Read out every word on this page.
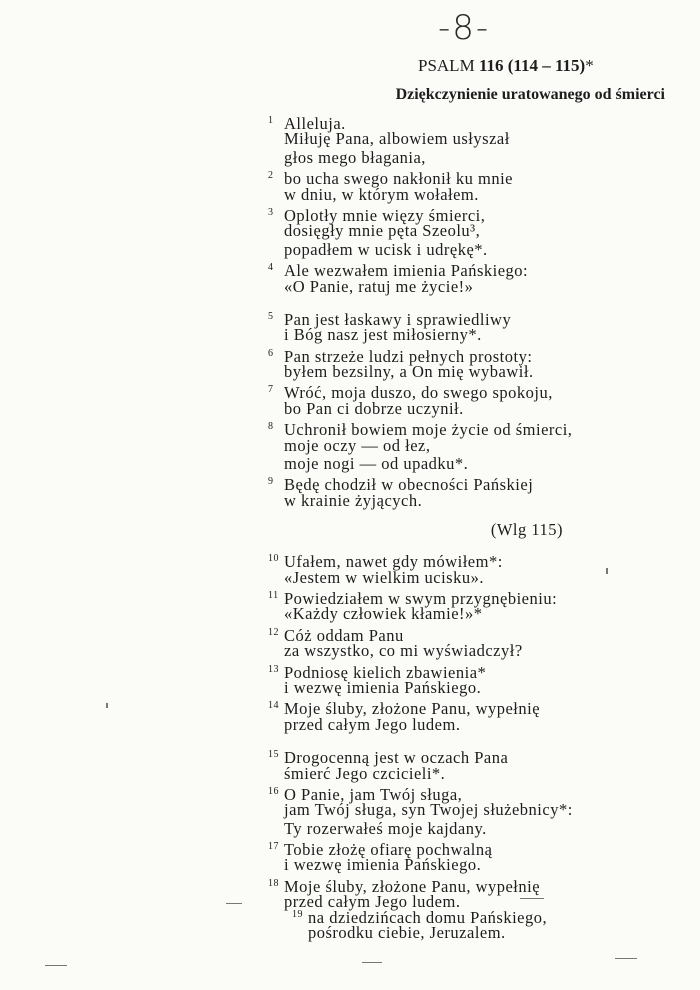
-8-
PSALM 116 (114 – 115)*
Dziękczynienie uratowanego od śmierci
1 Alleluja.
Miłuję Pana, albowiem usłyszał
głos mego błagania,
2 bo ucha swego nakłonił ku mnie
w dniu, w którym wołałem.
3 Oplotły mnie więzy śmierci,
dosięgły mnie pęta Szeolu³,
popadłem w ucisk i udrękę*.
4 Ale wezwałem imienia Pańskiego:
«O Panie, ratuj me życie!»
5 Pan jest łaskawy i sprawiedliwy
i Bóg nasz jest miłosierny*.
6 Pan strzeże ludzi pełnych prostoty:
byłem bezsilny, a On mię wybawił.
7 Wróć, moja duszo, do swego spokoju,
bo Pan ci dobrze uczynił.
8 Uchronił bowiem moje życie od śmierci,
moje oczy — od łez,
moje nogi — od upadku*.
9 Będę chodził w obecności Pańskiej
w krainie żyjących.
(Wlg 115)
10 Ufałem, nawet gdy mówiłem*:
«Jestem w wielkim ucisku».
11 Powiedziałem w swym przygnębieniu:
«Każdy człowiek kłamie!»*
12 Cóż oddam Panu
za wszystko, co mi wyświadczył?
13 Podniosę kielich zbawienia*
i wezwę imienia Pańskiego.
14 Moje śluby, złożone Panu, wypełnię
przed całym Jego ludem.
15 Drogocenną jest w oczach Pana
śmierć Jego czcicieli*.
16 O Panie, jam Twój sługa,
jam Twój sługa, syn Twojej służebnicy*:
Ty rozerwałeś moje kajdany.
17 Tobie złożę ofiarę pochwalną
i wezwę imienia Pańskiego.
18 Moje śluby, złożone Panu, wypełnię
przed całym Jego ludem.
19 na dziedzińcach domu Pańskiego,
pośrodku ciebie, Jeruzalem.
